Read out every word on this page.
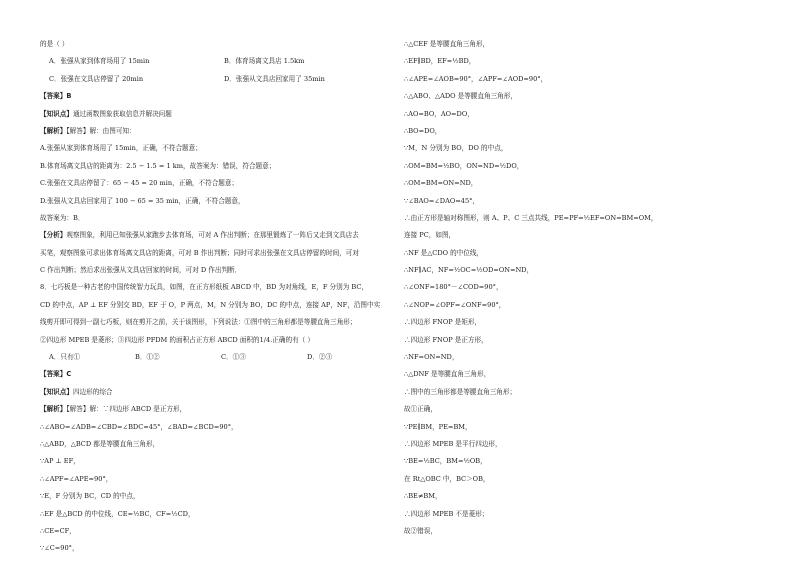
的是（ ）
A．张强从家到体育场用了 15min	B．体育场离文具店 1.5km
C．张强在文具店停留了 20min	D．张强从文具店回家用了 35min
【答案】B
【知识点】通过函数图象获取信息并解决问题
【解析】【解答】解：由图可知：
A.张强从家到体育场用了 15min，正确，不符合题意；
B.体育场离文具店的距离为：2.5 − 1.5 = 1 km，故答案为：错误，符合题意；
C.张强在文具店停留了：65 − 45 = 20 min，正确，不符合题意；
D.张强从文具店回家用了 100 − 65 = 35 min，正确，不符合题意，
故答案为：B．
【分析】观察图象，利用已知张强从家跑步去体育场，可对 A 作出判断；在那里锻炼了一阵后又走到文具店去
买笔，观察图象可求出体育场离文具店的距离，可对 B 作出判断；同时可求出张强在文具店停留的时间，可对
C 作出判断；然后求出张强从文具店回家的时间，可对 D 作出判断．
8．七巧板是一种古老的中国传统智力玩具，如图，在正方形纸板 ABCD 中，BD 为对角线，E，F 分别为 BC，
CD 的中点，AP ⊥ EF 分别交 BD，EF 于 O，P 两点，M，N 分别为 BO，DC 的中点，连接 AP，NF，沿图中实
线剪开即可得到一副七巧板，则在剪开之前，关于该图形，下列说法：①图中的三角形都是等腰直角三角形；
②四边形 MPEB 是菱形；③四边形 PFDM 的面积占正方形 ABCD 面积的1/4.正确的有（ ）
A．只有①	B．①②	C．①③	D．②③
【答案】C
【知识点】四边形的综合
【解析】【解答】解：∵四边形 ABCD 是正方形，
∴∠ABO=∠ADB=∠CBD=∠BDC=45°，∠BAD=∠BCD=90°，
∴△ABD，△BCD 都是等腰直角三角形，
∵AP ⊥ EF，
∴∠APF=∠APE=90°，
∵E，F 分别为 BC，CD 的中点，
∴EF 是△BCD 的中位线，CE=½BC，CF=½CD，
∴CE=CF，
∵∠C=90°，
∴△CEF 是等腰直角三角形，
∴EF∥BD，EF=½BD，
∴∠APE=∠AOB=90°，∠APF=∠AOD=90°，
∴△ABO、△ADO 是等腰直角三角形，
∴AO=BO，AO=DO，
∴BO=DO，
∵M，N 分别为 BO，DO 的中点，
∴OM=BM=½BO，ON=ND=½DO，
∴OM=BM=ON=ND，
∵∠BAO=∠DAO=45°，
∴由正方形是轴对称图形，则 A、P、C 三点共线，PE=PF=½EF=ON=BM=OM，
连接 PC，如图，
∴NF 是△CDO 的中位线，
∴NF∥AC，NF=½OC=½OD=ON=ND，
∴∠ONF=180°－∠COD=90°，
∴∠NOP=∠OPF=∠ONF=90°，
∴四边形 FNOP 是矩形，
∴四边形 FNOP 是正方形，
∴NF=ON=ND，
∴△DNF 是等腰直角三角形，
∴图中的三角形都是等腰直角三角形；
故①正确，
∵PE∥BM，PE=BM，
∴四边形 MPEB 是平行四边形，
∵BE=½BC，BM=½OB，
在 Rt△OBC 中，BC＞OB，
∴BE≠BM，
∴四边形 MPEB 不是菱形；
故②错误，
